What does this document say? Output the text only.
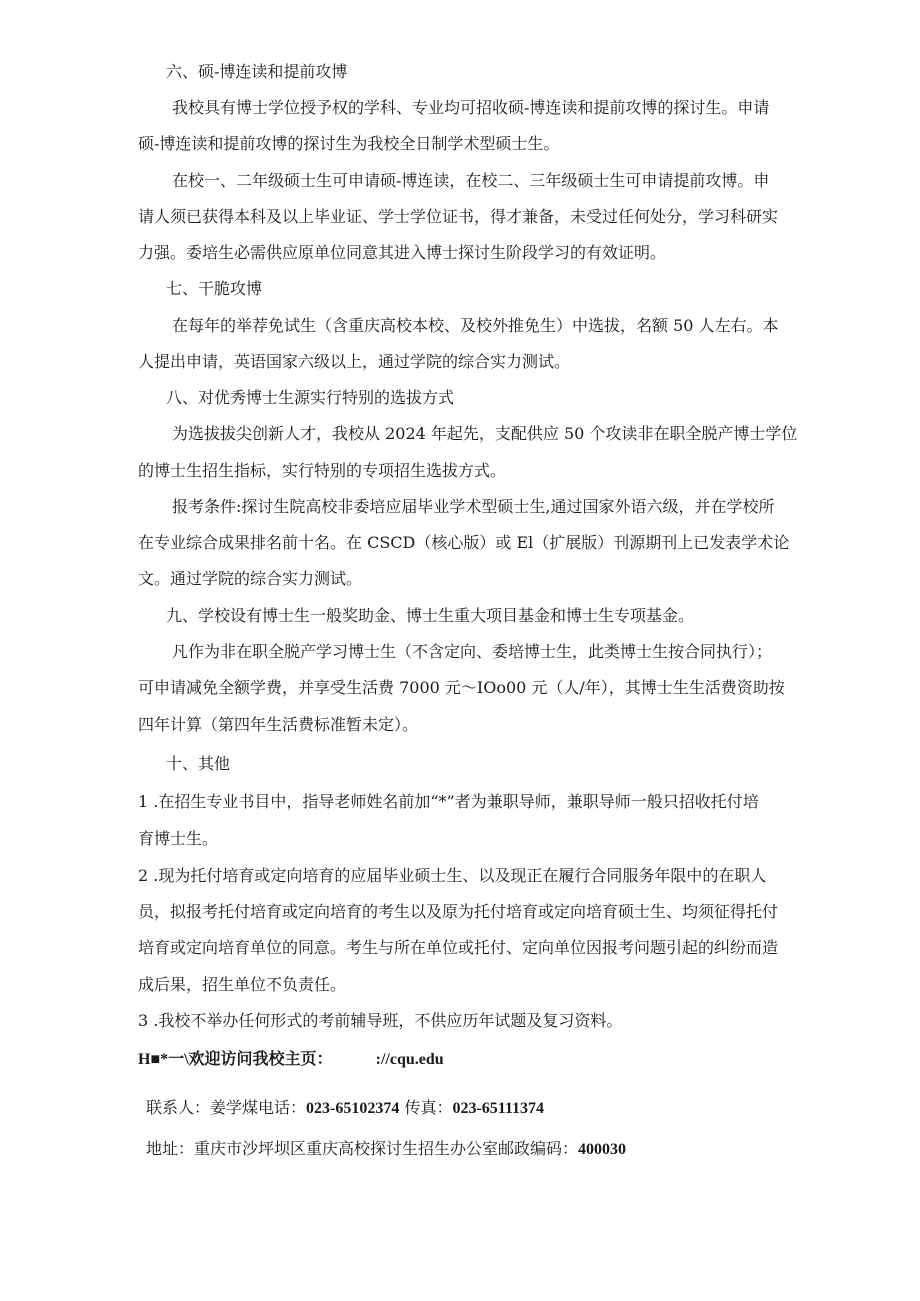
六、硕-博连读和提前攻博
我校具有博士学位授予权的学科、专业均可招收硕-博连读和提前攻博的探讨生。申请
硕-博连读和提前攻博的探讨生为我校全日制学术型硕士生。
在校一、二年级硕士生可申请硕-博连读，在校二、三年级硕士生可申请提前攻博。申
请人须已获得本科及以上毕业证、学士学位证书，得才兼备，未受过任何处分，学习科研实
力强。委培生必需供应原单位同意其进入博士探讨生阶段学习的有效证明。
七、干脆攻博
在每年的举荐免试生（含重庆高校本校、及校外推免生）中选拔，名额 50 人左右。本
人提出申请，英语国家六级以上，通过学院的综合实力测试。
八、对优秀博士生源实行特别的选拔方式
为选拔拔尖创新人才，我校从 2024 年起先，支配供应 50 个攻读非在职全脱产博士学位
的博士生招生指标，实行特别的专项招生选拔方式。
报考条件:探讨生院高校非委培应届毕业学术型硕士生,通过国家外语六级，并在学校所
在专业综合成果排名前十名。在 CSCD（核心版）或 El（扩展版）刊源期刊上已发表学术论
文。通过学院的综合实力测试。
九、学校设有博士生一般奖助金、博士生重大项目基金和博士生专项基金。
凡作为非在职全脱产学习博士生（不含定向、委培博士生，此类博士生按合同执行）；
可申请减免全额学费，并享受生活费 7000 元～IOo00 元（人/年），其博士生生活费资助按
四年计算（第四年生活费标准暂未定）。
十、其他
1 .在招生专业书目中，指导老师姓名前加“*”者为兼职导师，兼职导师一般只招收托付培
育博士生。
2 .现为托付培育或定向培育的应届毕业硕士生、以及现正在履行合同服务年限中的在职人
员，拟报考托付培育或定向培育的考生以及原为托付培育或定向培育硕士生、均须征得托付
培育或定向培育单位的同意。考生与所在单位或托付、定向单位因报考问题引起的纠纷而造
成后果，招生单位不负责任。
3 .我校不举办任何形式的考前辅导班，不供应历年试题及复习资料。
H■*一\欢迎访问我校主页：	://cqu.edu
联系人：姜学煤电话：023-65102374 传真：023-65111374
地址：重庆市沙坪坝区重庆高校探讨生招生办公室邮政编码：400030
